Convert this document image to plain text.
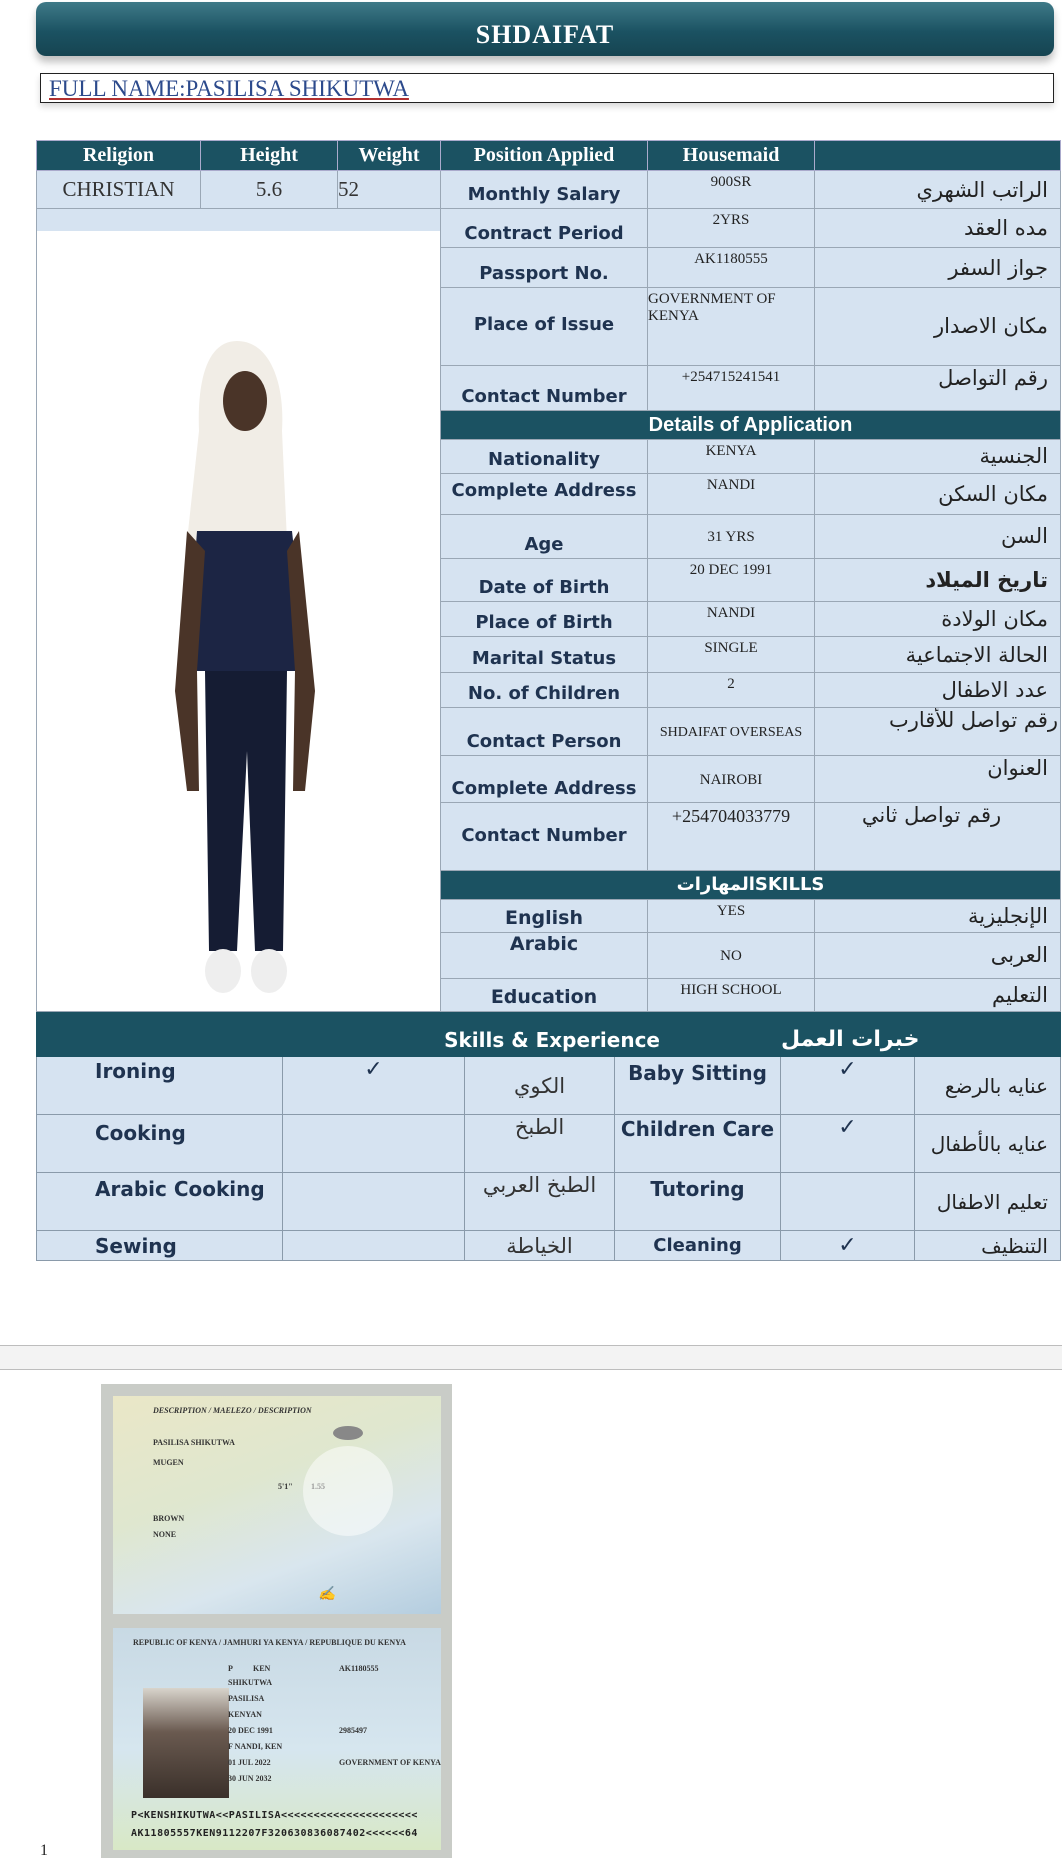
SHDAIFAT
FULL NAME:PASILISA SHIKUTWA
Religion	Height	Weight	Position Applied	Housemaid	
CHRISTIAN	5.6	52	Monthly Salary	900SR	الراتب الشهري

	Contract Period	2YRS	مده العقد
			Passport No.	AK1180555	جواز السفر
			Place of Issue	GOVERNMENT OF KENYA	مكان الاصدار
			Contact Number	+254715241541	رقم التواصل
			Details of Application		
			Nationality	KENYA	الجنسية
			Complete Address	NANDI	مكان السكن
			Age	31 YRS	السن
			Date of Birth	20 DEC 1991	تاريخ الميلاد
			Place of Birth	NANDI	مكان الولادة
			Marital Status	SINGLE	الحالة الاجتماعية
			No. of Children	2	عدد الاطفال
			Contact Person	SHDAIFAT OVERSEAS	رقم تواصل للأقارب
			Complete Address	NAIROBI	العنوان
			Contact Number	+254704033779	رقم تواصل ثاني
			المهاراتSKILLS		
			English	YES	الإنجليزية
			Arabic	NO	العربى
			Education	HIGH SCHOOL	التعليم
Skills & Experience				خبرات العمل	
Ironing	✓	الكوي	Baby Sitting	✓	عنايه بالرضع
Cooking		الطبخ	Children Care	✓	عنايه بالأطفال
Arabic Cooking		الطبخ العربي	Tutoring		تعليم الاطفال
Sewing		الخياطة	Cleaning	✓	التنظيف
DESCRIPTION / MAELEZO / DESCRIPTION
PASILISA SHIKUTWA
MUGEN
5'1"
BROWN
NONE
✍
REPUBLIC OF KENYA / JAMHURI YA KENYA / REPUBLIQUE DU KENYA
P	KEN	AK1180555
SHIKUTWA
PASILISA
KENYAN
20 DEC 1991	2985497
F NANDI, KEN
01 JUL 2022	GOVERNMENT OF KENYA
30 JUN 2032
P<KENSHIKUTWA<<PASILISA<<<<<<<<<<<<<<<<<<<<<
AK11805557KEN9112207F320630836087402<<<<<<64
1
